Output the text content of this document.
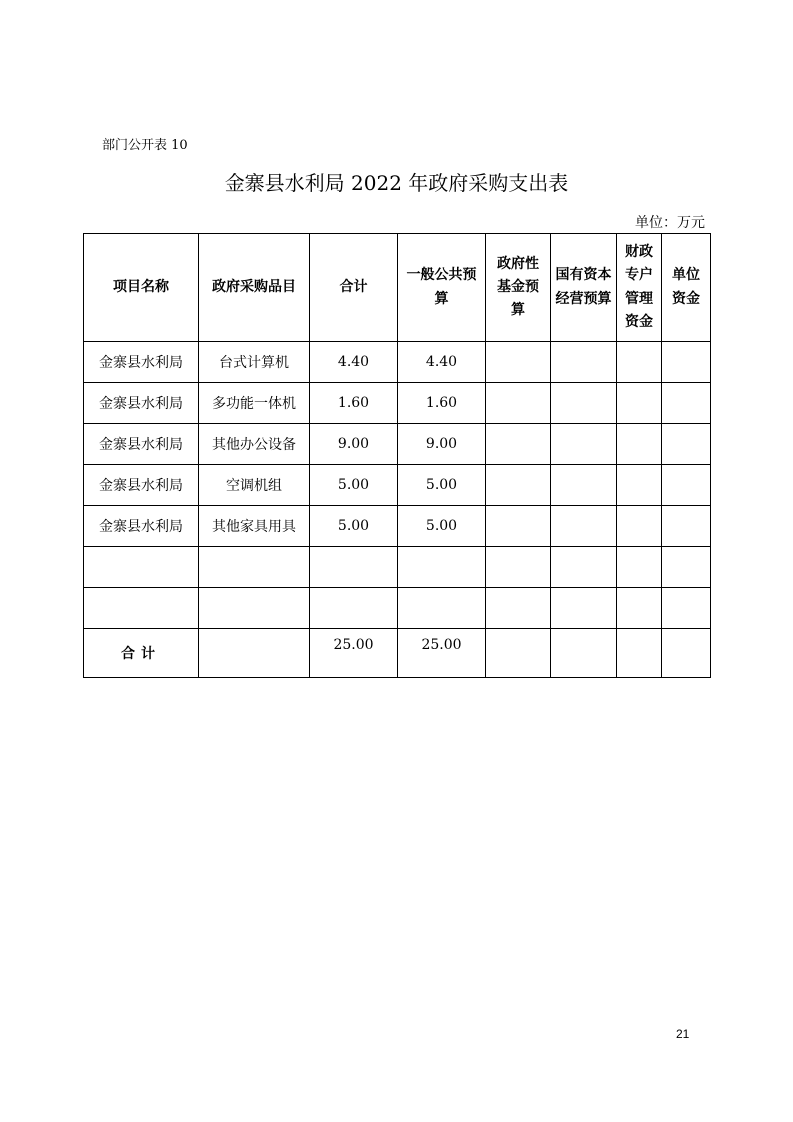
部门公开表 10
金寨县水利局 2022 年政府采购支出表
单位：万元
项目名称	政府采购品目	合计	一般公共预算	政府性基金预算	国有资本经营预算	财政专户管理资金	单位资金
金寨县水利局	台式计算机	4.40	4.40				
金寨县水利局	多功能一体机	1.60	1.60				
金寨县水利局	其他办公设备	9.00	9.00				
金寨县水利局	空调机组	5.00	5.00				
金寨县水利局	其他家具用具	5.00	5.00				

合计		25.00	25.00				
21
